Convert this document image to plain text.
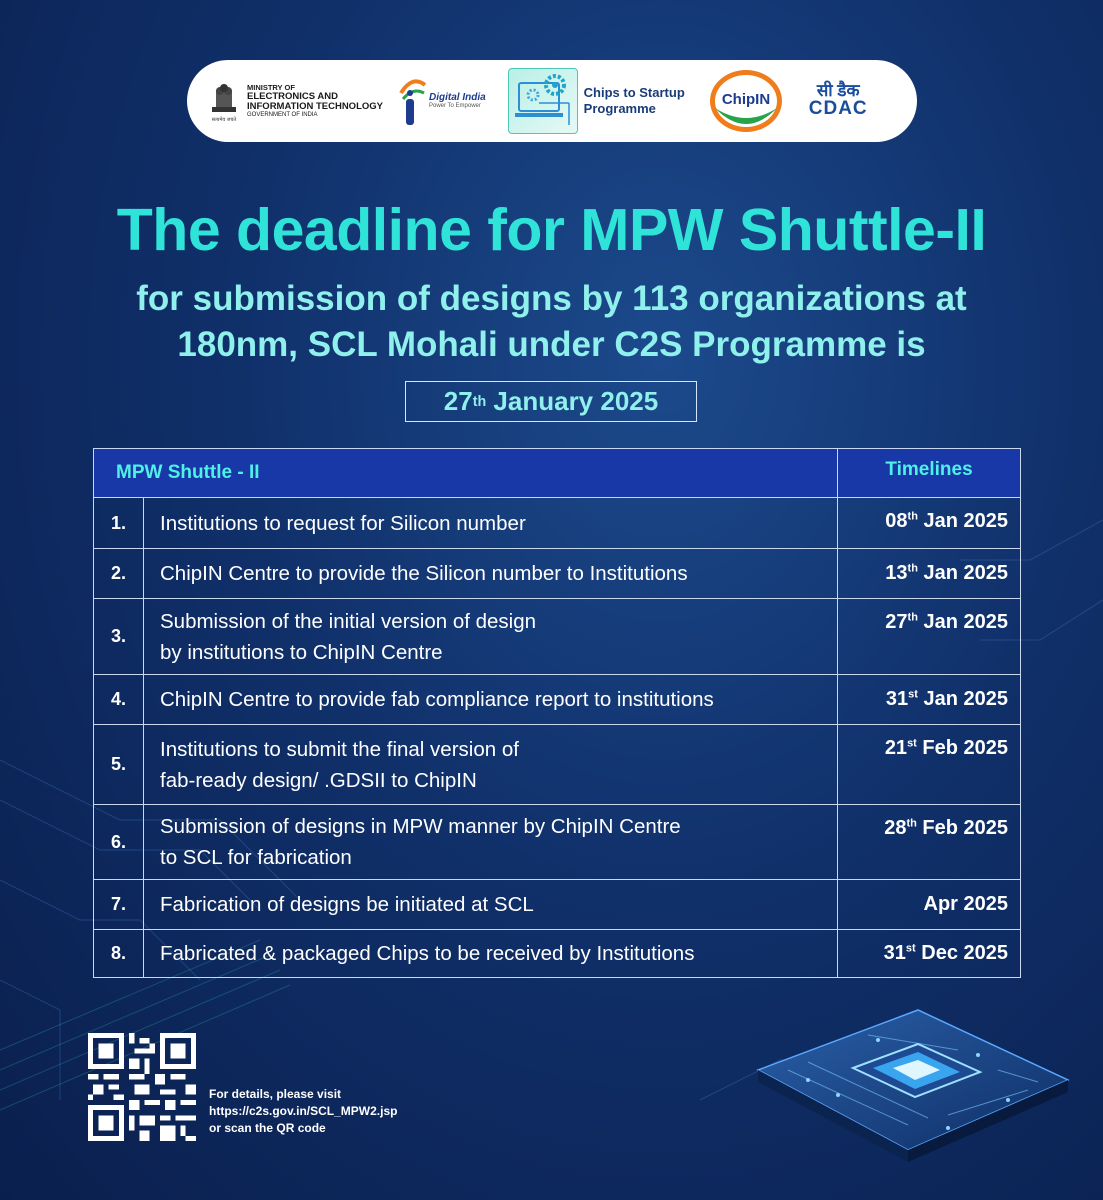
सत्यमेव जयते
MINISTRY OF
ELECTRONICS AND
INFORMATION TECHNOLOGY
GOVERNMENT OF INDIA
Digital India
Power To Empower
Chips to Startup
Programme
ChipIN	सी डैक
CDAC
The deadline for MPW Shuttle-II
for submission of designs by 113 organizations at
180nm, SCL Mohali under C2S Programme is
27 th
January 2025
MPW Shuttle - II		Timelines
1.	Institutions to request for Silicon number	08th Jan 2025
2.	ChipIN Centre to provide the Silicon number to Institutions	13th Jan 2025
3.	Submission of the initial version of design
by institutions to ChipIN Centre	27th Jan 2025
4.	ChipIN Centre to provide fab compliance report to institutions	31st Jan 2025
5.	Institutions to submit the final version of
fab-ready design/ .GDSII to ChipIN	21st Feb 2025
6.	Submission of designs in MPW manner by ChipIN Centre
to SCL for fabrication	28th Feb 2025
7.	Fabrication of designs be initiated at SCL	Apr 2025
8.	Fabricated & packaged Chips to be received by Institutions	31st Dec 2025
For details, please visit
https://c2s.gov.in/SCL_MPW2.jsp
or scan the QR code
